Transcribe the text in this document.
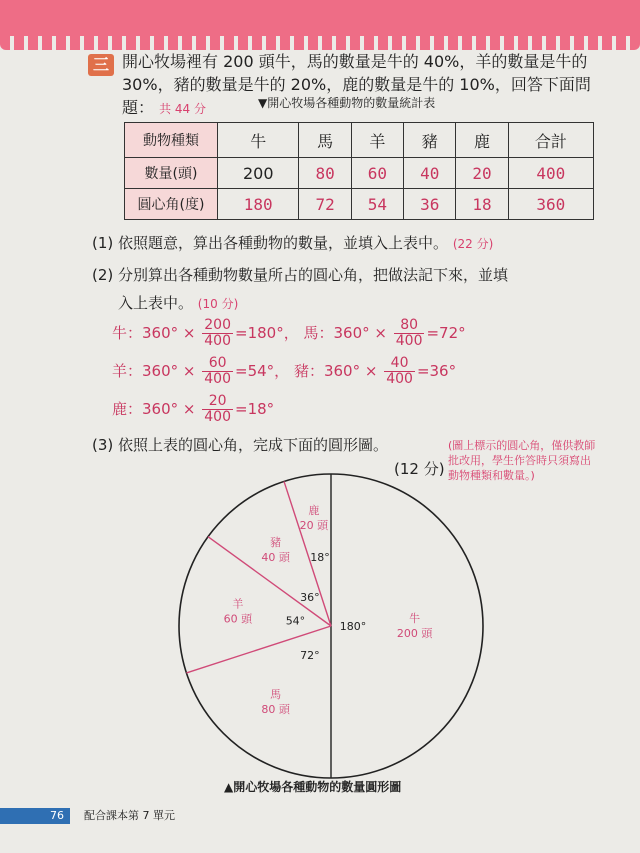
三 開心牧場裡有 200 頭牛，馬的數量是牛的 40%，羊的數量是牛的 30%，豬的數量是牛的 20%，鹿的數量是牛的 10%，回答下面問題： 共 44 分	▼開心牧場各種動物的數量統計表
動物種類	牛	馬	羊	豬	鹿	合計
數量(頭)	200	80	60	40	20	400
圓心角(度)	180	72	54	36	18	360
(1) 依照題意，算出各種動物的數量，並填入上表中。 (22 分)
(2) 分別算出各種動物數量所占的圓心角，把做法記下來，並填
入上表中。 (10 分)
牛：$360^\circ \times \frac{200}{400} =180^\circ$， 馬：$360^\circ \times \frac{80}{400} =72^\circ$
羊：$360^\circ \times \frac{60}{400} =54^\circ$， 豬：$360^\circ \times \frac{40}{400} =36^\circ$
鹿：$360^\circ \times \frac{20}{400} =18^\circ$
(3) 依照上表的圓心角，完成下面的圓形圖。
(12 分)
(圖上標示的圓心角，僅供教師批改用，學生作答時只須寫出動物種類和數量。)
牛
200 頭
180°
馬
80 頭
72°
羊
60 頭	54°
豬
40 頭
36°
鹿
20 頭
18°
▲開心牧場各種動物的數量圓形圖
76	配合課本第 7 單元
